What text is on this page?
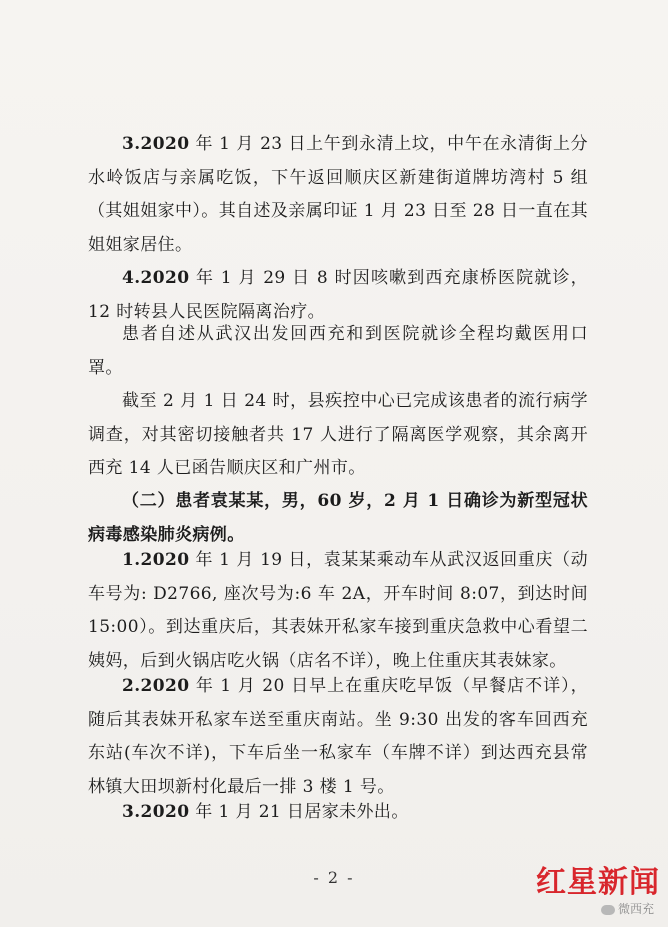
3.2020 年 1 月 23 日上午到永清上坟，中午在永清街上分水岭饭店与亲属吃饭，下午返回顺庆区新建街道牌坊湾村 5 组（其姐姐家中）。其自述及亲属印证 1 月 23 日至 28 日一直在其姐姐家居住。
4.2020 年 1 月 29 日 8 时因咳嗽到西充康桥医院就诊，12 时转县人民医院隔离治疗。
患者自述从武汉出发回西充和到医院就诊全程均戴医用口罩。
截至 2 月 1 日 24 时，县疾控中心已完成该患者的流行病学调查，对其密切接触者共 17 人进行了隔离医学观察，其余离开西充 14 人已函告顺庆区和广州市。
（二）患者袁某某，男，60 岁，2 月 1 日确诊为新型冠状病毒感染肺炎病例。
1.2020 年 1 月 19 日，袁某某乘动车从武汉返回重庆（动车号为: D2766, 座次号为:6 车 2A，开车时间 8:07，到达时间 15:00）。到达重庆后，其表妹开私家车接到重庆急救中心看望二姨妈，后到火锅店吃火锅（店名不详），晚上住重庆其表妹家。
2.2020 年 1 月 20 日早上在重庆吃早饭（早餐店不详），随后其表妹开私家车送至重庆南站。坐 9:30 出发的客车回西充东站(车次不详)，下车后坐一私家车（车牌不详）到达西充县常林镇大田坝新村化最后一排 3 楼 1 号。
3.2020 年 1 月 21 日居家未外出。
- 2 -	红星新闻
微西充
